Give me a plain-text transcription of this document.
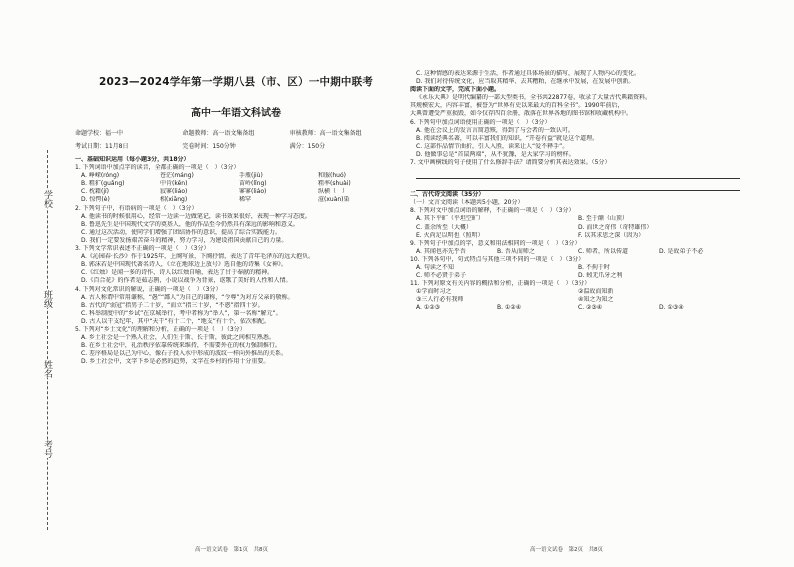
学校
班级
姓名
考号
2023—2024学年第一学期八县（市、区）一中期中联考
高中一年语文科试卷
命题学校：福一中	命题教师：高一语文集备组	审核教师：高一语文集备组
考试日期：11月8日	完卷时间：150分钟	满分：150分
一、基础知识运用（每小题3分，共18分）
1. 下列词语中加点字的读音，全都正确的一项是（　）（3分）
A. 峥嵘(róng)	苍茫(máng)	手瓶(jiù)	和服(huó)
B. 粗犷(guǎng)	中肯(kěn)	苗岭(lǐng)	粗率(shuài)
C. 枕藉(jí)	寂寥(liáo)	寥寥(liáo)	纵横（　）
D. 惊愕(è)	相(xiāng)	稀罕	渲(xuàn)染
2. 下列句子中，有语病的一项是（　）（3分）
A. 他读书的时候很用心，经常一边读一边做笔记，读书效果很好，表现一种学习态度。
B. 鲁迅先生是中国现代文学的奠基人，他的作品至今仍然具有深远的影响和意义。
C. 通过这次活动，使同学们增强了团结协作的意识，提高了综合实践能力。
D. 我们一定要发扬艰苦奋斗的精神，努力学习，为建设祖国贡献自己的力量。
3. 下列文学常识表述不正确的一项是（　）（3分）
A.《沁园春·长沙》作于1925年，上阕写景，下阕抒情，表达了青年毛泽东的远大抱负。
B. 郭沫若是中国现代著名诗人，《立在地球边上放号》选自他的诗集《女神》。
C.《红烛》是闻一多的诗作，诗人以红烛自喻，表达了甘于奉献的精神。
D.《百合花》的作者是茹志鹃，小说以战争为背景，讴歌了美好的人性和人情。
4. 下列对文化常识的解说，正确的一项是（　）（3分）
A. 古人称谓中常用谦称，“愚”“鄙人”为自己的谦称，“令尊”为对方父亲的敬称。
B. 古代的“弱冠”指男子二十岁，“而立”指三十岁，“不惑”指四十岁。
C. 科举制度中的“乡试”在京城举行，考中者称为“举人”，第一名称“解元”。
D. 古人以干支纪年，其中“天干”有十二个，“地支”有十个，依次相配。
5. 下列对“乡土文化”的理解和分析，正确的一项是（　）（3分）
A. 乡土社会是一个熟人社会，人们生于斯、长于斯，彼此之间相互熟悉。
B. 在乡土社会中，礼治秩序依靠传统来维持，不需要外在的权力强制推行。
C. 差序格局是以己为中心，像石子投入水中形成的波纹一样向外推出的关系。
D. 乡土社会中，文字下乡是必然的趋势，文字在乡村的作用十分重要。
C. 这种情感的表达来源于生活，作者通过具体场景的描写，展现了人物内心的变化。
D. 我们对待传统文化，应当取其精华、去其糟粕，在继承中发展，在发展中创新。
阅读下面的文字，完成下面小题。
《永乐大典》是明代编纂的一部大型类书，全书共22877卷，收录了大量古代典籍资料。
其规模宏大，内容丰富，被誉为“世界有史以来最大的百科全书”。1990年前后，
大典曾遭受严重损毁，如今仅存四百余册，散落在世界各地的图书馆和收藏机构中。
6. 下列句中加点词语使用正确的一项是（　）（3分）
A. 他在会议上的发言言简意赅，得到了与会者的一致认可。
B. 阅读经典名著，可以丰富我们的知识，“开卷有益”就是这个道理。
C. 这部作品情节曲折，引人入胜，读来让人“爱不释手”。
D. 他做事总是“首鼠两端”，从不犹豫，是大家学习的榜样。
7. 文中画横线的句子使用了什么修辞手法？请简要分析其表达效果。（5分）
二、古代诗文阅读（35分）
（一）文言文阅读（本题共5小题，20分）
8. 下列对文中加点词语的解释，不正确的一项是（　）（3分）
A. 其下平旷（平坦空旷）	B. 至于颠（山顶）
C. 盖余所至（大概）	D. 而世之奇伟（奇特雄伟）
E. 火尚足以明也（照明）	F. 以其求思之深（因为）
9. 下列句子中加点的字，意义和用法相同的一项是（　）（3分）
A. 其闻也亦先乎吾	B. 吾从而师之	C. 师者，所以传道	D. 是故弟子不必
10. 下列各句中，句式特点与其他三项不同的一项是（　）（3分）
A. 句读之不知	B. 不拘于时
C. 师不必贤于弟子	D. 蚓无爪牙之利
11. 下列对原文有关内容的概括和分析，正确的一项是（　）（3分）
①学而时习之	②温故而知新
③三人行必有我师	④知之为知之
A. ①②③	B. ①②④	C. ②③④	D. ①③④
高一语文试卷　第1页　共8页	高一语文试卷　第2页　共8页
